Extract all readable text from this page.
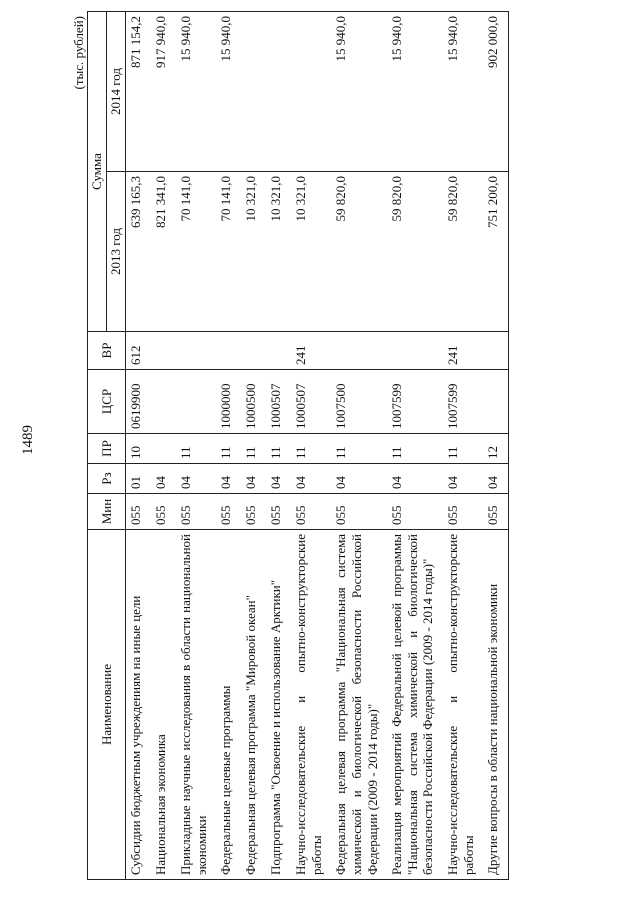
1489
(тыс. рублей)
Наименование	Мин	Рз	ПР	ЦСР	ВР	Сумма	
						2013 год	2014 год
Субсидии бюджетным учреждениям на иные цели	055	01	10	0619900	612	639 165,3	871 154,2
Национальная экономика	055	04				821 341,0	917 940,0
Прикладные научные исследования в области национальной экономики	055	04	11			70 141,0	15 940,0
Федеральные целевые программы	055	04	11	1000000		70 141,0	15 940,0
Федеральная целевая программа "Мировой океан"	055	04	11	1000500		10 321,0	
Подпрограмма "Освоение и использование Арктики"	055	04	11	1000507		10 321,0	
Научно-исследовательские и опытно-конструкторские работы	055	04	11	1000507	241	10 321,0	
Федеральная целевая программа "Национальная система химической и биологической безопасности Российской Федерации (2009 - 2014 годы)"	055	04	11	1007500		59 820,0	15 940,0
Реализация мероприятий Федеральной целевой программы "Национальная система химической и биологической безопасности Российской Федерации (2009 - 2014 годы)"	055	04	11	1007599		59 820,0	15 940,0
Научно-исследовательские и опытно-конструкторские работы	055	04	11	1007599	241	59 820,0	15 940,0
Другие вопросы в области национальной экономики	055	04	12			751 200,0	902 000,0
